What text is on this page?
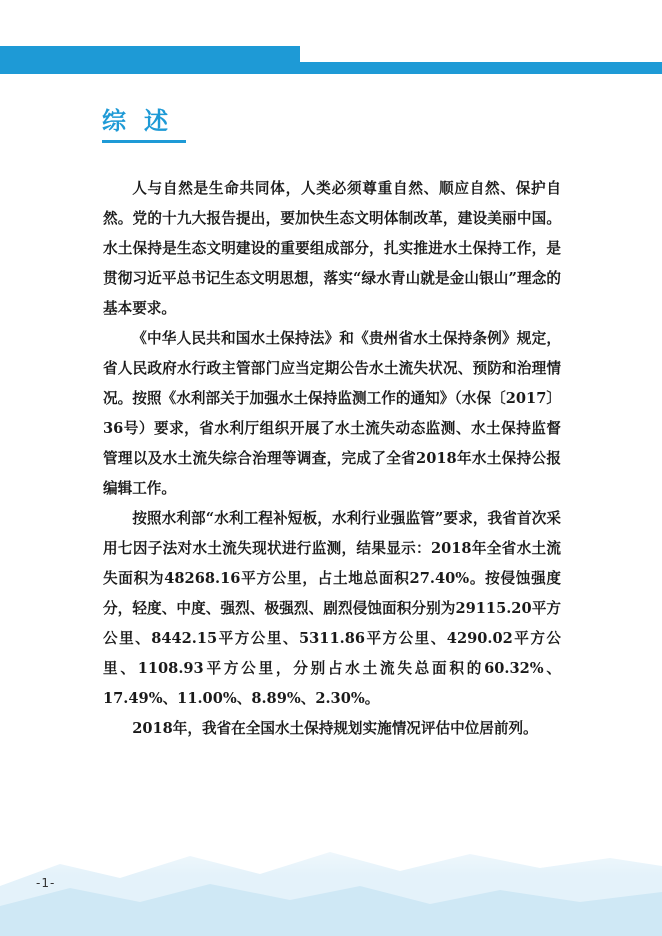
综述

人与自然是生命共同体，人类必须尊重自然、顺应自然、保护自然。党的十九大报告提出，要加快生态文明体制改革，建设美丽中国。水土保持是生态文明建设的重要组成部分，扎实推进水土保持工作，是贯彻习近平总书记生态文明思想，落实“绿水青山就是金山银山”理念的基本要求。

《中华人民共和国水土保持法》和《贵州省水土保持条例》规定，省人民政府水行政主管部门应当定期公告水土流失状况、预防和治理情况。按照《水利部关于加强水土保持监测工作的通知》（水保〔2017〕36号）要求，省水利厅组织开展了水土流失动态监测、水土保持监督管理以及水土流失综合治理等调查，完成了全省2018年水土保持公报编辑工作。

按照水利部“水利工程补短板，水利行业强监管”要求，我省首次采用七因子法对水土流失现状进行监测，结果显示：2018年全省水土流失面积为48268.16平方公里，占土地总面积27.40%。按侵蚀强度分，轻度、中度、强烈、极强烈、剧烈侵蚀面积分别为29115.20平方公里、8442.15平方公里、5311.86平方公里、4290.02平方公里、1108.93平方公里，分别占水土流失总面积的60.32%、17.49%、11.00%、8.89%、2.30%。

2018年，我省在全国水土保持规划实施情况评估中位居前列。

-1-
